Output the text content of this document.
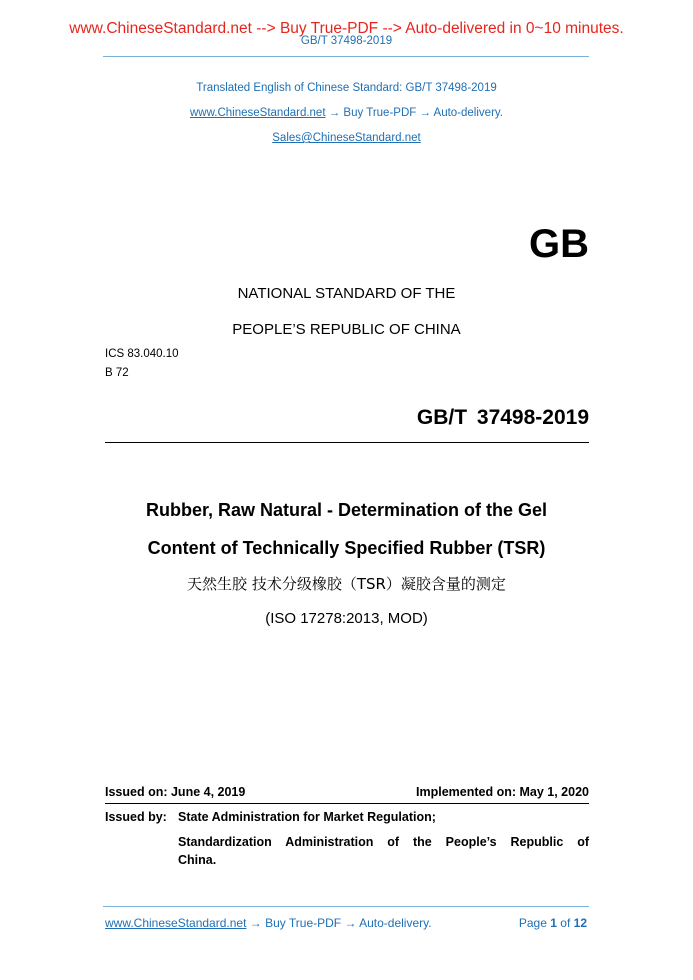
www.ChineseStandard.net --> Buy True-PDF --> Auto-delivered in 0~10 minutes.
GB/T 37498-2019
Translated English of Chinese Standard: GB/T 37498-2019
www.ChineseStandard.net → Buy True-PDF → Auto-delivery.
Sales@ChineseStandard.net
GB
NATIONAL STANDARD OF THE
PEOPLE’S REPUBLIC OF CHINA
ICS 83.040.10
B 72
GB/T 37498-2019
Rubber, Raw Natural - Determination of the Gel
Content of Technically Specified Rubber (TSR)
天然生胶 技术分级橡胶（TSR）凝胶含量的测定
(ISO 17278:2013, MOD)
Issued on: June 4, 2019	Implemented on: May 1, 2020
Issued by: State Administration for Market Regulation;
Standardization Administration of the People’s Republic of
China.
www.ChineseStandard.net → Buy True-PDF → Auto-delivery.	Page 1 of 12
